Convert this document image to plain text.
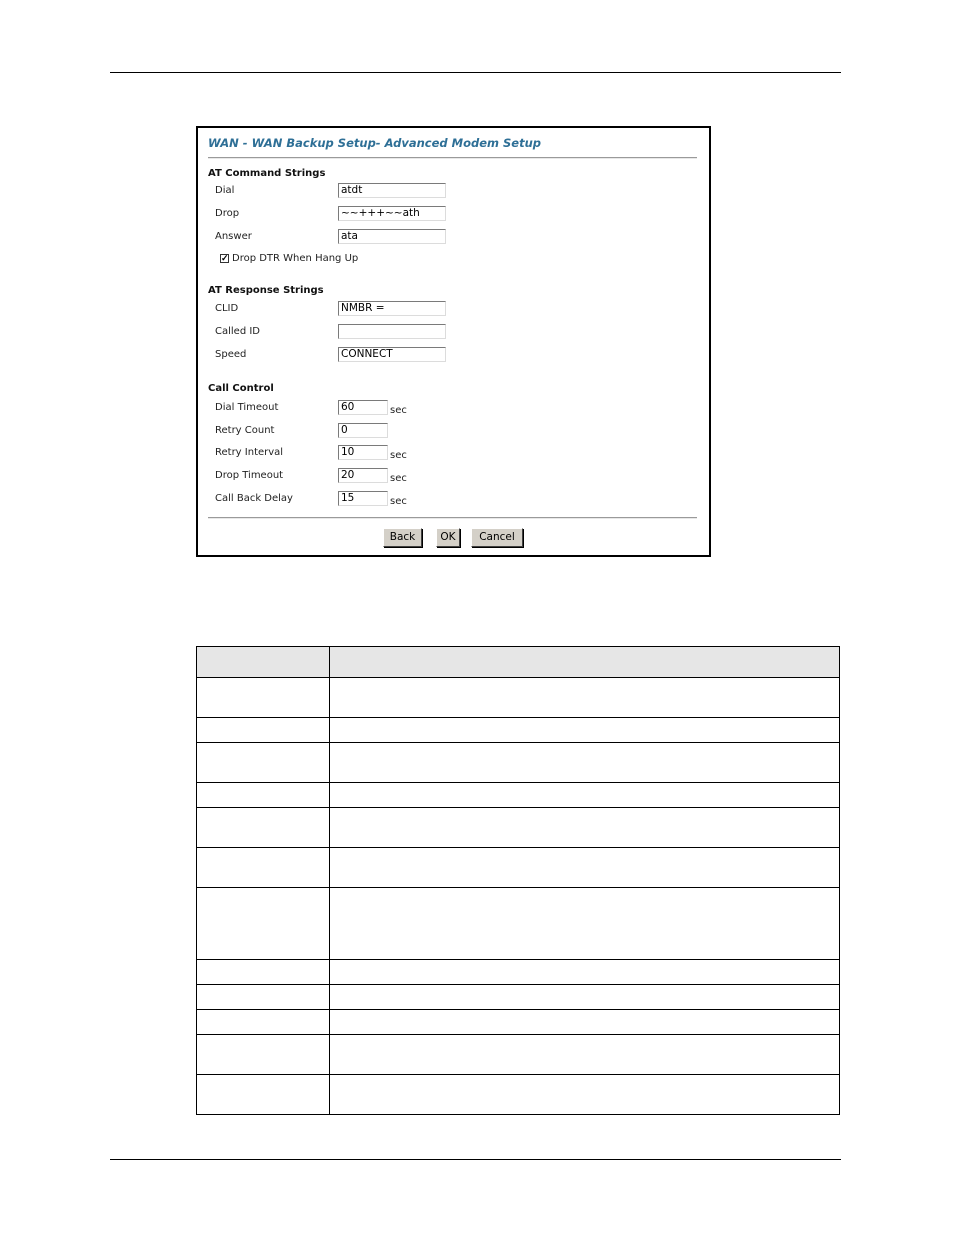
WAN - WAN Backup Setup- Advanced Modem Setup
AT Command Strings
Dial	atdt
Drop	~~+++~~ath
Answer	ata
✓ Drop DTR When Hang Up
AT Response Strings
CLID	NMBR =
Called ID
Speed	CONNECT
Call Control
Dial Timeout	60	sec
Retry Count	0
Retry Interval	10	sec
Drop Timeout	20	sec
Call Back Delay	15	sec
Back	OK	Cancel
